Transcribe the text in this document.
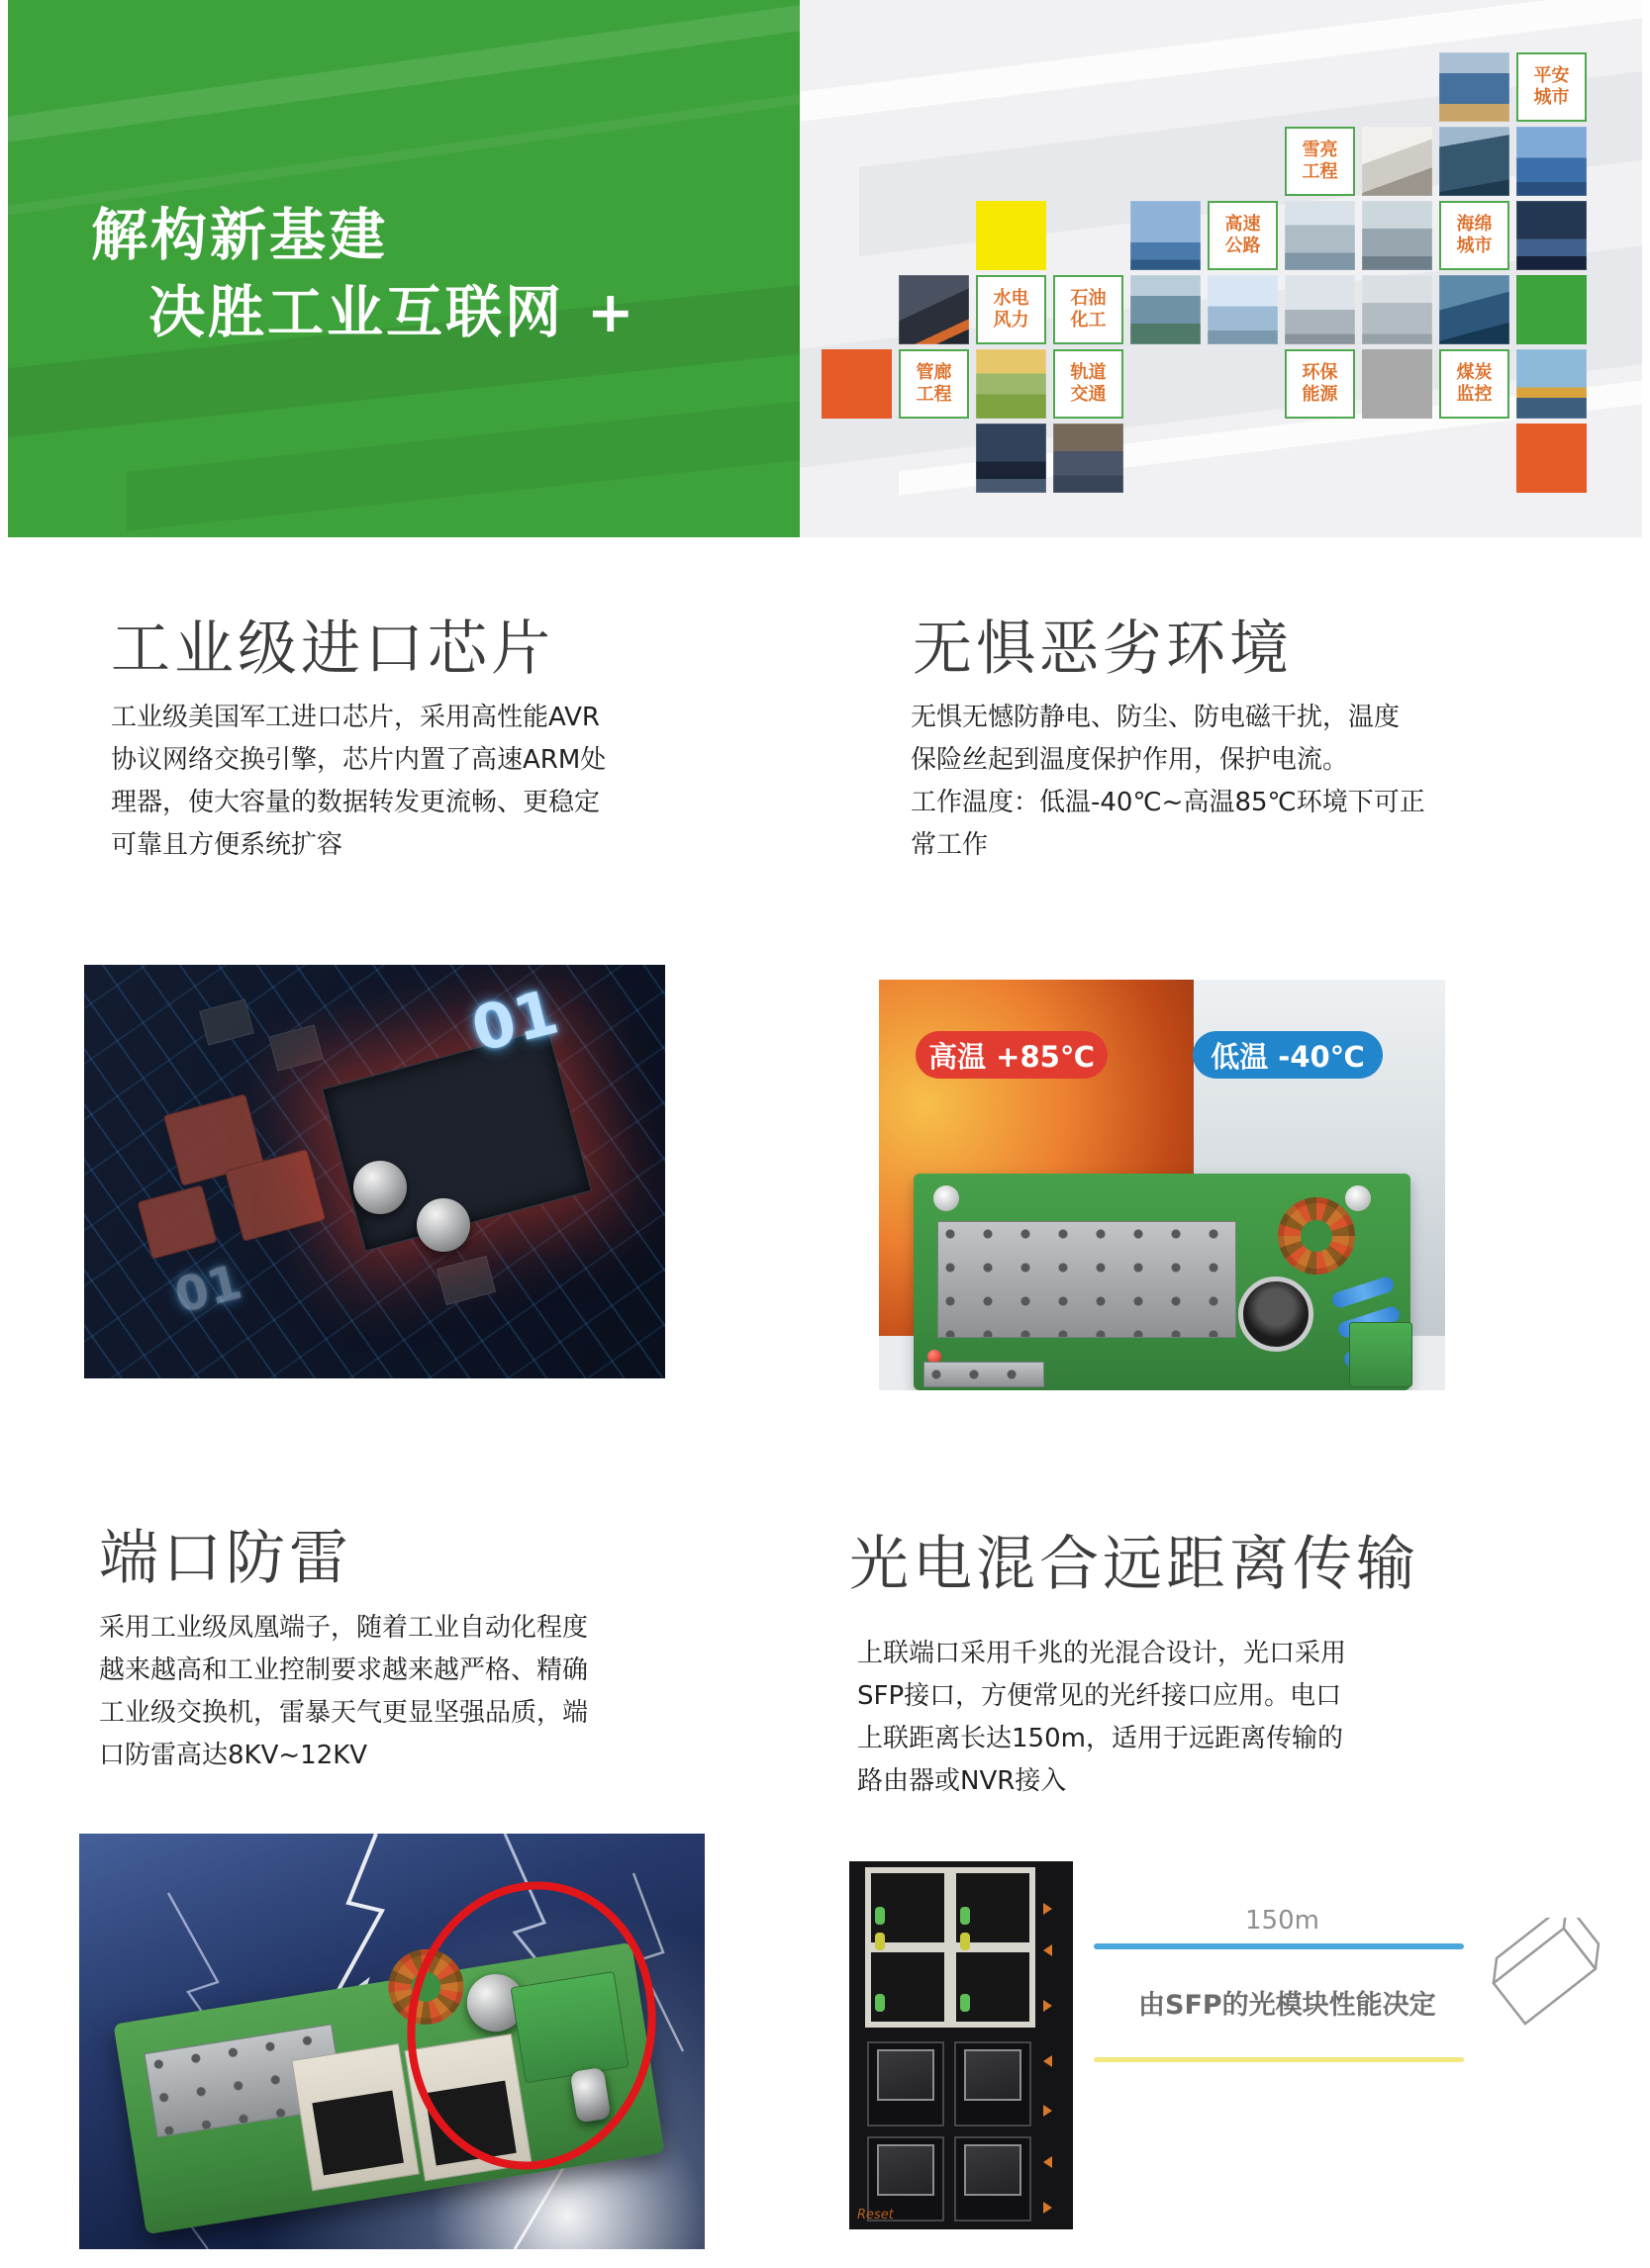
解构新基建
决胜工业互联网 +
平安城市
雪亮工程
高速公路
海绵城市
水电风力
石油化工
管廊工程
轨道交通
环保能源
煤炭监控
工业级进口芯片
工业级美国军工进口芯片，采用高性能AVR
协议网络交换引擎，芯片内置了高速ARM处
理器，使大容量的数据转发更流畅、更稳定
可靠且方便系统扩容
01
01
无惧恶劣环境
无惧无憾防静电、防尘、防电磁干扰，温度
保险丝起到温度保护作用，保护电流。
工作温度：低温-40℃~高温85℃环境下可正
常工作
高温 +85℃	低温 -40℃
端口防雷
采用工业级凤凰端子，随着工业自动化程度
越来越高和工业控制要求越来越严格、精确
工业级交换机，雷暴天气更显坚强品质，端
口防雷高达8KV~12KV
光电混合远距离传输
上联端口采用千兆的光混合设计，光口采用
SFP接口，方便常见的光纤接口应用。电口
上联距离长达150m，适用于远距离传输的
路由器或NVR接入
Reset
150m
由SFP的光模块性能决定
